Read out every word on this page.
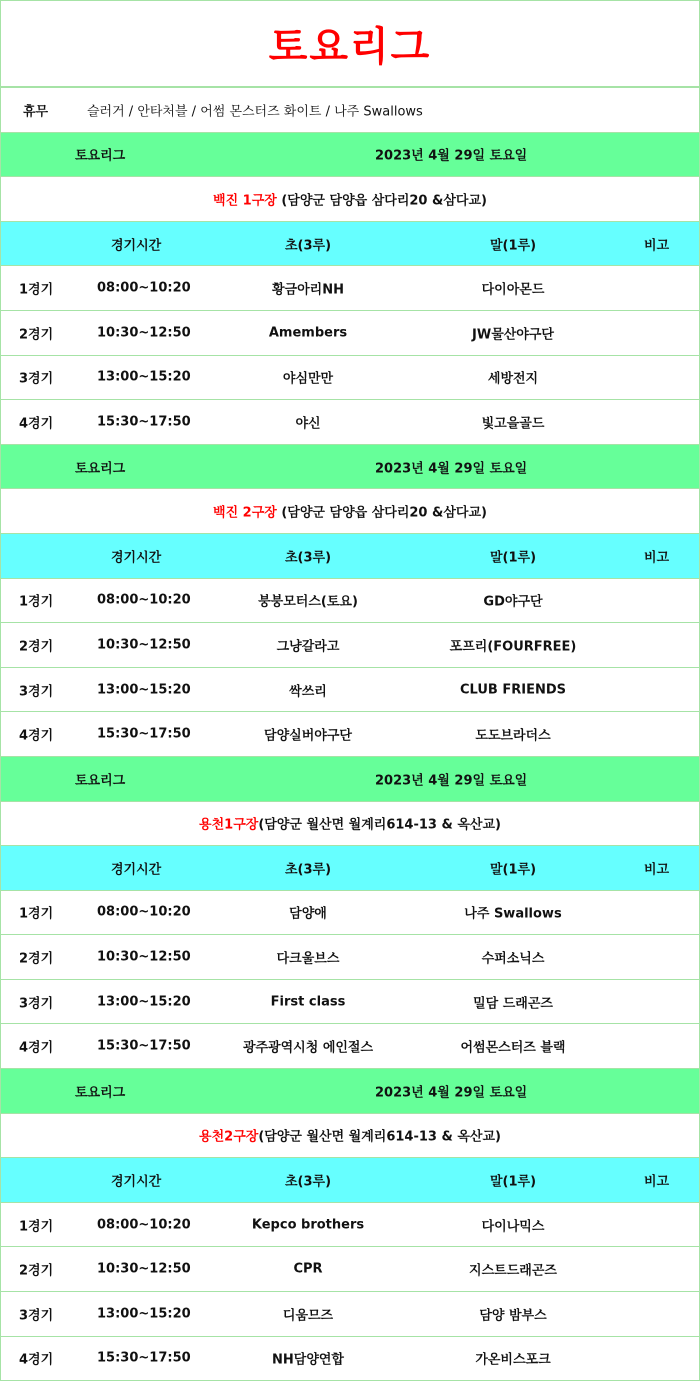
토요리그
휴무	슬러거 / 안타처블 / 어썸 몬스터즈 화이트 / 나주 Swallows
토요리그	2023년 4월 29일 토요일
백진 1구장 (담양군 담양읍 삼다리20 &삼다교)
경기시간	초(3루)	말(1루)	비고
1경기	08:00~10:20	황금아리NH	다이아몬드
2경기	10:30~12:50	Amembers	JW물산야구단
3경기	13:00~15:20	야심만만	세방전지
4경기	15:30~17:50	야신	빛고을골드
토요리그	2023년 4월 29일 토요일
백진 2구장 (담양군 담양읍 삼다리20 &삼다교)
경기시간	초(3루)	말(1루)	비고
1경기	08:00~10:20	붕붕모터스(토요)	GD야구단
2경기	10:30~12:50	그냥갈라고	포프리(FOURFREE)
3경기	13:00~15:20	싹쓰리	CLUB FRIENDS
4경기	15:30~17:50	담양실버야구단	도도브라더스
토요리그	2023년 4월 29일 토요일
용천1구장(담양군 월산면 월계리614-13 & 옥산교)
경기시간	초(3루)	말(1루)	비고
1경기	08:00~10:20	담양애	나주 Swallows
2경기	10:30~12:50	다크울브스	수퍼소닉스
3경기	13:00~15:20	First class	밀담 드래곤즈
4경기	15:30~17:50	광주광역시청 에인절스	어썸몬스터즈 블랙
토요리그	2023년 4월 29일 토요일
용천2구장(담양군 월산면 월계리614-13 & 옥산교)
경기시간	초(3루)	말(1루)	비고
1경기	08:00~10:20	Kepco brothers	다이나믹스
2경기	10:30~12:50	CPR	지스트드래곤즈
3경기	13:00~15:20	디움므즈	담양 밤부스
4경기	15:30~17:50	NH담양연합	가온비스포크
